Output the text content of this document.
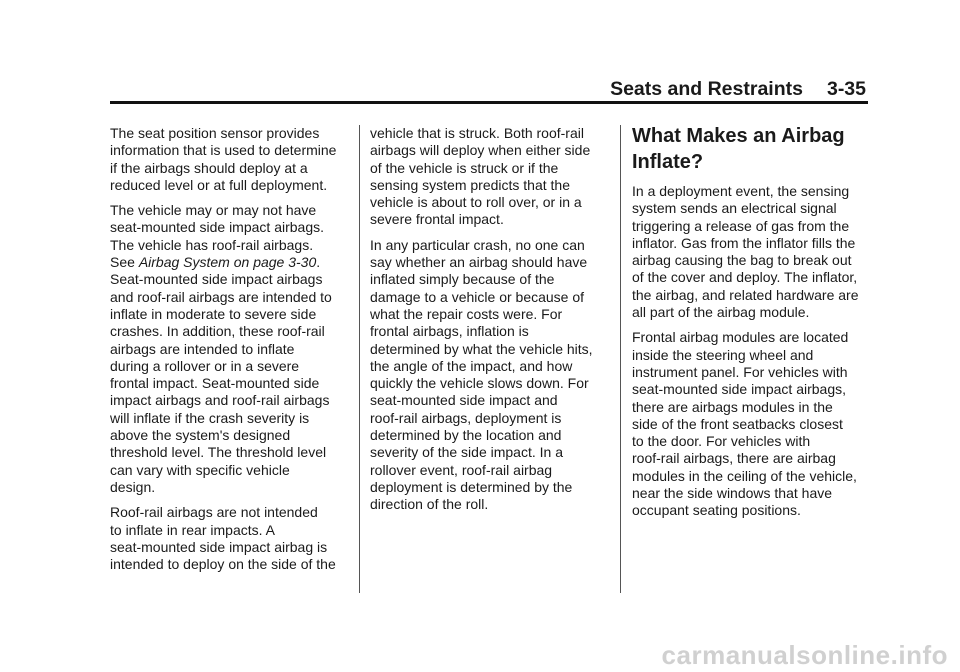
Seats and Restraints 3-35
The seat position sensor provides
information that is used to determine
if the airbags should deploy at a
reduced level or at full deployment.
The vehicle may or may not have
seat-mounted side impact airbags.
The vehicle has roof-rail airbags.
See Airbag System on page 3-30.
Seat-mounted side impact airbags
and roof-rail airbags are intended to
inflate in moderate to severe side
crashes. In addition, these roof-rail
airbags are intended to inflate
during a rollover or in a severe
frontal impact. Seat-mounted side
impact airbags and roof-rail airbags
will inflate if the crash severity is
above the system's designed
threshold level. The threshold level
can vary with specific vehicle
design.
Roof-rail airbags are not intended
to inflate in rear impacts. A
seat-mounted side impact airbag is
intended to deploy on the side of the
vehicle that is struck. Both roof-rail
airbags will deploy when either side
of the vehicle is struck or if the
sensing system predicts that the
vehicle is about to roll over, or in a
severe frontal impact.
In any particular crash, no one can
say whether an airbag should have
inflated simply because of the
damage to a vehicle or because of
what the repair costs were. For
frontal airbags, inflation is
determined by what the vehicle hits,
the angle of the impact, and how
quickly the vehicle slows down. For
seat-mounted side impact and
roof-rail airbags, deployment is
determined by the location and
severity of the side impact. In a
rollover event, roof-rail airbag
deployment is determined by the
direction of the roll.
What Makes an Airbag
Inflate?
In a deployment event, the sensing
system sends an electrical signal
triggering a release of gas from the
inflator. Gas from the inflator fills the
airbag causing the bag to break out
of the cover and deploy. The inflator,
the airbag, and related hardware are
all part of the airbag module.
Frontal airbag modules are located
inside the steering wheel and
instrument panel. For vehicles with
seat-mounted side impact airbags,
there are airbags modules in the
side of the front seatbacks closest
to the door. For vehicles with
roof-rail airbags, there are airbag
modules in the ceiling of the vehicle,
near the side windows that have
occupant seating positions.
carmanualsonline.info
